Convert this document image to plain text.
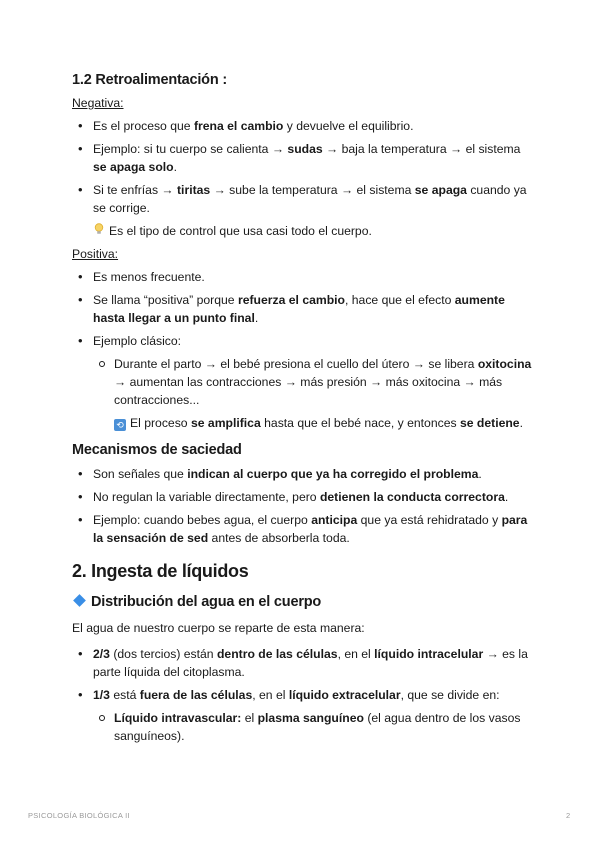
1.2 Retroalimentación :
Negativa:
• Es el proceso que frena el cambio y devuelve el equilibrio.
• Ejemplo: si tu cuerpo se calienta → sudas → baja la temperatura → el sistema se apaga solo.
• Si te enfrías → tiritas → sube la temperatura → el sistema se apaga cuando ya se corrige.
Es el tipo de control que usa casi todo el cuerpo.
Positiva:
• Es menos frecuente.
• Se llama “positiva” porque refuerza el cambio, hace que el efecto aumente hasta llegar a un punto final.
• Ejemplo clásico:
Durante el parto → el bebé presiona el cuello del útero → se libera oxitocina → aumentan las contracciones → más presión → más oxitocina → más contracciones...
⟲ El proceso se amplifica hasta que el bebé nace, y entonces se detiene.
Mecanismos de saciedad
• Son señales que indican al cuerpo que ya ha corregido el problema.
• No regulan la variable directamente, pero detienen la conducta correctora.
• Ejemplo: cuando bebes agua, el cuerpo anticipa que ya está rehidratado y para la sensación de sed antes de absorberla toda.
2. Ingesta de líquidos
Distribución del agua en el cuerpo

El agua de nuestro cuerpo se reparte de esta manera:

• 2/3 (dos tercios) están dentro de las células, en el líquido intracelular → es la parte líquida del citoplasma.
• 1/3 está fuera de las células, en el líquido extracelular, que se divide en:
Líquido intravascular: el plasma sanguíneo (el agua dentro de los vasos sanguíneos).
PSICOLOGÍA BIOLÓGICA II	2
